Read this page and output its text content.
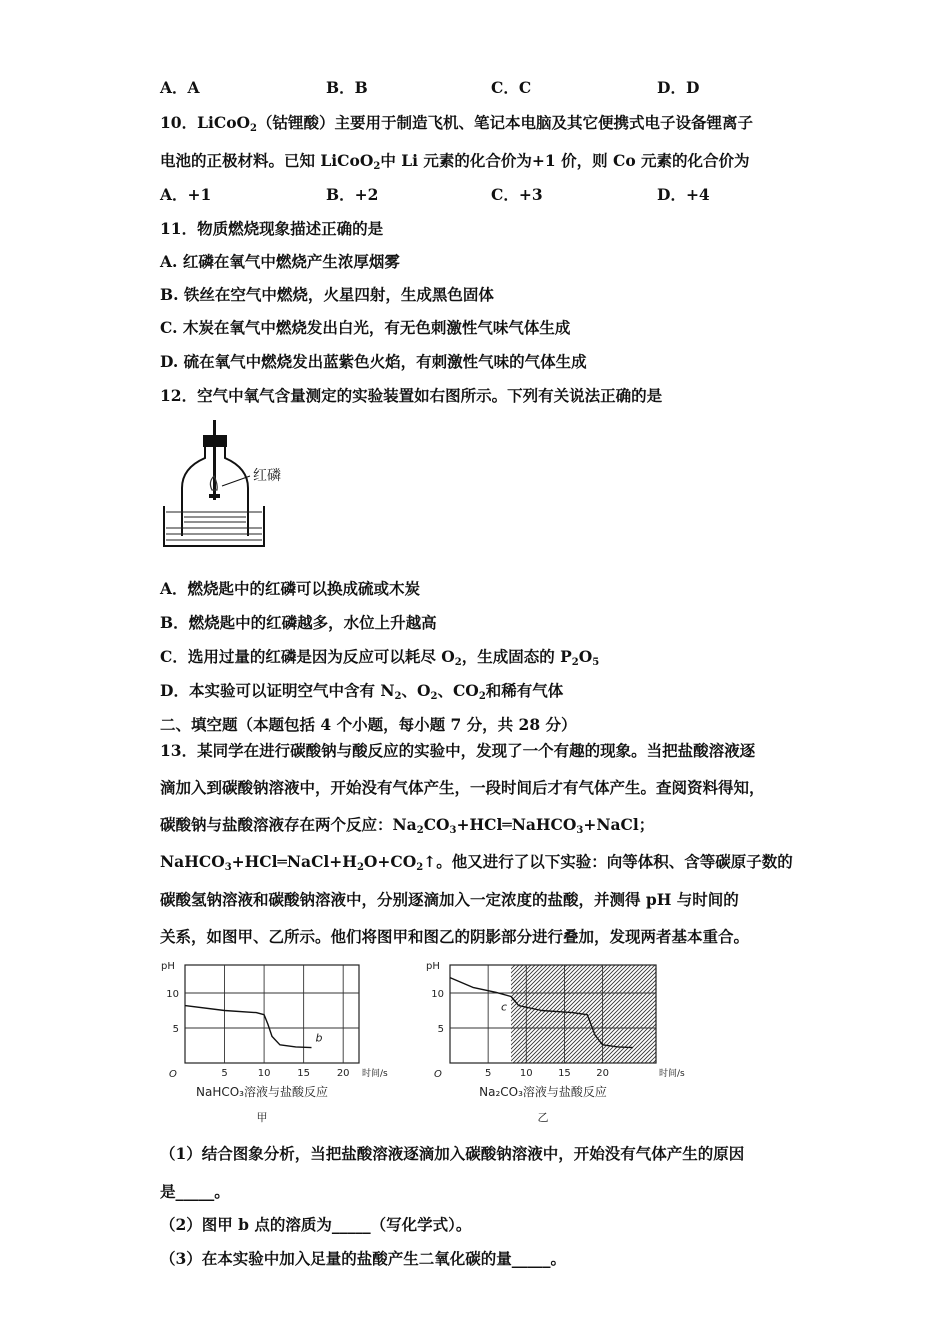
A．A	B．B	C．C	D．D
10．LiCoO$_2$（钴锂酸）主要用于制造飞机、笔记本电脑及其它便携式电子设备锂离子
电池的正极材料。已知 LiCoO$_2$中 Li 元素的化合价为+1 价，则 Co 元素的化合价为
A．+1	B．+2	C．+3	D．+4
11．物质燃烧现象描述正确的是
A. 红磷在氧气中燃烧产生浓厚烟雾
B. 铁丝在空气中燃烧，火星四射，生成黑色固体
C. 木炭在氧气中燃烧发出白光，有无色刺激性气味气体生成
D. 硫在氧气中燃烧发出蓝紫色火焰，有刺激性气味的气体生成
12．空气中氧气含量测定的实验装置如右图所示。下列有关说法正确的是
红磷
A．燃烧匙中的红磷可以换成硫或木炭
B．燃烧匙中的红磷越多，水位上升越高
C．选用过量的红磷是因为反应可以耗尽 $O_2$，生成固态的 $P_2O_5$
D．本实验可以证明空气中含有 $N_2$、$O_2$、$CO_2$和稀有气体
二、填空题（本题包括 4 个小题，每小题 7 分，共 28 分）
13．某同学在进行碳酸钠与酸反应的实验中，发现了一个有趣的现象。当把盐酸溶液逐
滴加入到碳酸钠溶液中，开始没有气体产生，一段时间后才有气体产生。查阅资料得知，
碳酸钠与盐酸溶液存在两个反应：$Na_2CO_3+HCl═NaHCO_3+NaCl$；
$NaHCO_3+HCl═NaCl+H_2O+CO_2↑$。他又进行了以下实验：向等体积、含等碳原子数的
碳酸氢钠溶液和碳酸钠溶液中，分别逐滴加入一定浓度的盐酸，并测得 pH 与时间的
关系，如图甲、乙所示。他们将图甲和图乙的阴影部分进行叠加，发现两者基本重合。
5	10	15	20
5
10
pH
O	时间/s
b
NaHCO₃溶液与盐酸反应
甲
5	10	15	20
5
10
pH
O	时间/s
c
Na₂CO₃溶液与盐酸反应
乙
（1）结合图象分析，当把盐酸溶液逐滴加入碳酸钠溶液中，开始没有气体产生的原因
是_____。
（2）图甲 b 点的溶质为_____（写化学式）。
（3）在本实验中加入足量的盐酸产生二氧化碳的量_____。
